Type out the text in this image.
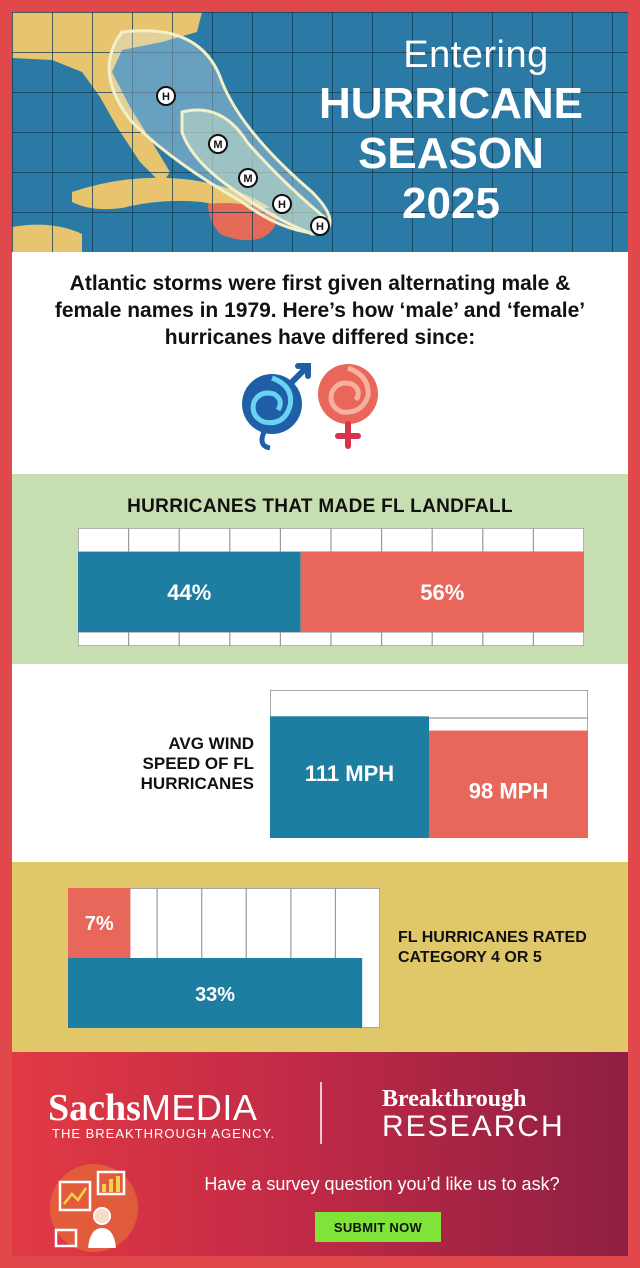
H
M
M
H
H
Entering
HURRICANE
SEASON
2025
Atlantic storms were first given alternating male & female names in 1979. Here’s how ‘male’ and ‘female’ hurricanes have differed since:
HURRICANES THAT MADE FL LANDFALL
44%	56%
AVG WIND SPEED OF FL HURRICANES 111 MPH
98 MPH
7%
33%
FL HURRICANES RATED CATEGORY 4 OR 5
SachsMEDIA
THE BREAKTHROUGH AGENCY.
Breakthrough
RESEARCH
Have a survey question you’d like us to ask?
SUBMIT NOW
